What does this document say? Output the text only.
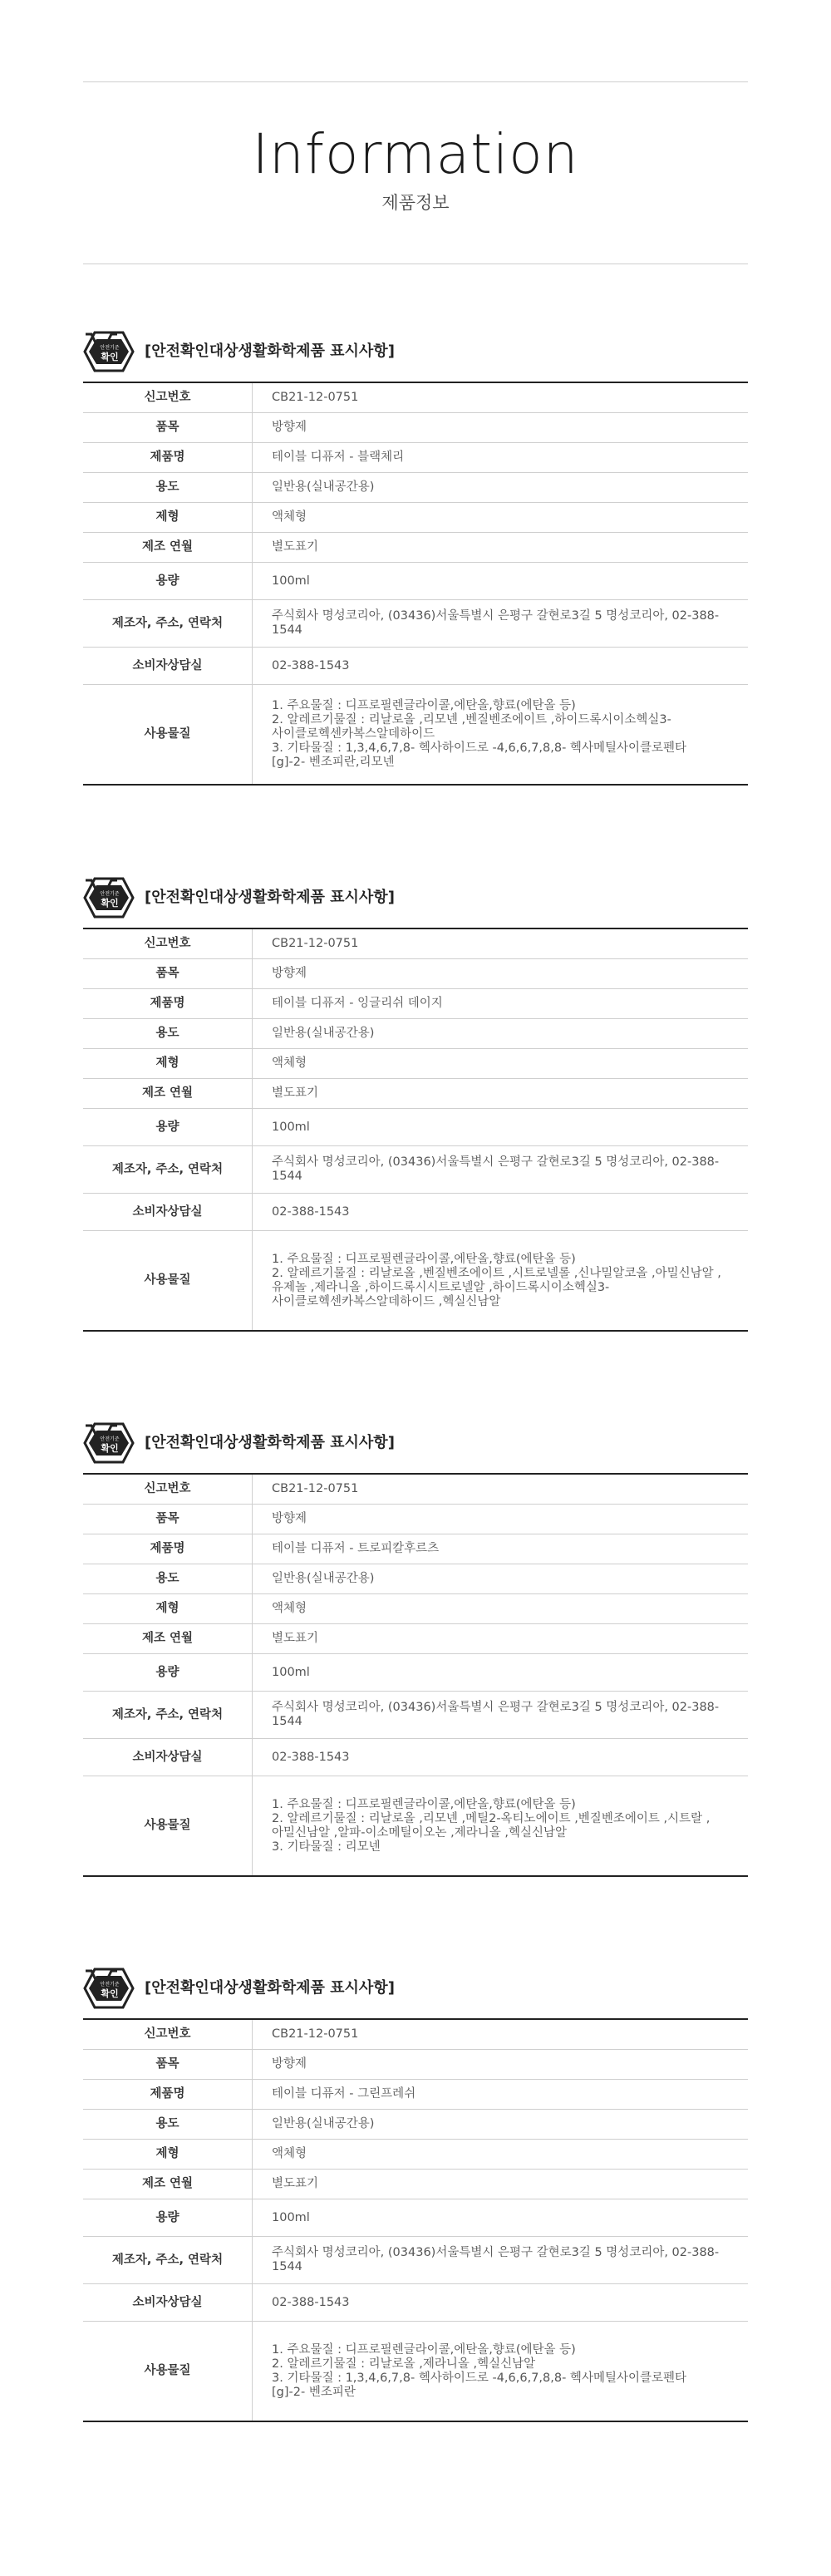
Information
제품정보
안전기준
확인 [안전확인대상생활화학제품 표시사항]
신고번호	CB21-12-0751
품목	방향제
제품명	테이블 디퓨저 - 블랙체리
용도	일반용(실내공간용)
제형	액체형
제조 연월	별도표기
용량	100ml
제조자, 주소, 연락처	주식회사 명성코리아, (03436)서울특별시 은평구 갈현로3길 5 명성코리아, 02-388-1544
소비자상담실	02-388-1543
사용물질	1. 주요물질 : 디프로필렌글라이콜,에탄올,향료(에탄올 등)
2. 알레르기물질 : 리날로올 ,리모넨 ,벤질벤조에이트 ,하이드록시이소헥실3-
사이클로헥센카복스알데하이드
3. 기타물질 : 1,3,4,6,7,8- 헥사하이드로 -4,6,6,7,8,8- 헥사메틸사이클로펜타
[g]-2- 벤조피란,리모넨
안전기준
확인 [안전확인대상생활화학제품 표시사항]
신고번호	CB21-12-0751
품목	방향제
제품명	테이블 디퓨저 - 잉글리쉬 데이지
용도	일반용(실내공간용)
제형	액체형
제조 연월	별도표기
용량	100ml
제조자, 주소, 연락처	주식회사 명성코리아, (03436)서울특별시 은평구 갈현로3길 5 명성코리아, 02-388-1544
소비자상담실	02-388-1543
사용물질	1. 주요물질 : 디프로필렌글라이콜,에탄올,향료(에탄올 등)
2. 알레르기물질 : 리날로올 ,벤질벤조에이트 ,시트로넬롤 ,신나밀알코올 ,아밀신남알 ,
유제놀 ,제라니올 ,하이드록시시트로넬알 ,하이드록시이소헥실3-
사이클로헥센카복스알데하이드 ,헥실신남알
안전기준
확인 [안전확인대상생활화학제품 표시사항]
신고번호	CB21-12-0751
품목	방향제
제품명	테이블 디퓨저 - 트로피칼후르츠
용도	일반용(실내공간용)
제형	액체형
제조 연월	별도표기
용량	100ml
제조자, 주소, 연락처	주식회사 명성코리아, (03436)서울특별시 은평구 갈현로3길 5 명성코리아, 02-388-1544
소비자상담실	02-388-1543
사용물질	1. 주요물질 : 디프로필렌글라이콜,에탄올,향료(에탄올 등)
2. 알레르기물질 : 리날로올 ,리모넨 ,메틸2-옥티노에이트 ,벤질벤조에이트 ,시트랄 ,
아밀신남알 ,알파-이소메틸이오논 ,제라니올 ,헥실신남알
3. 기타물질 : 리모넨
안전기준
확인 [안전확인대상생활화학제품 표시사항]
신고번호	CB21-12-0751
품목	방향제
제품명	테이블 디퓨저 - 그린프레쉬
용도	일반용(실내공간용)
제형	액체형
제조 연월	별도표기
용량	100ml
제조자, 주소, 연락처	주식회사 명성코리아, (03436)서울특별시 은평구 갈현로3길 5 명성코리아, 02-388-1544
소비자상담실	02-388-1543
사용물질	1. 주요물질 : 디프로필렌글라이콜,에탄올,향료(에탄올 등)
2. 알레르기물질 : 리날로올 ,제라니올 ,헥실신남알
3. 기타물질 : 1,3,4,6,7,8- 헥사하이드로 -4,6,6,7,8,8- 헥사메틸사이클로펜타
[g]-2- 벤조피란
